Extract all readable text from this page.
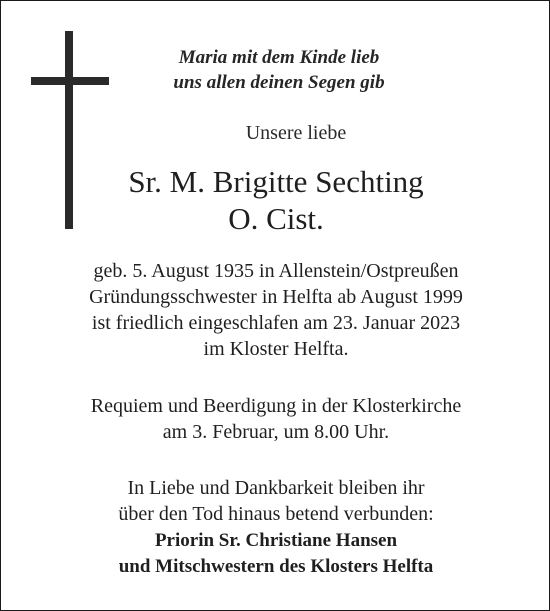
Maria mit dem Kinde lieb
uns allen deinen Segen gib
Unsere liebe
Sr. M. Brigitte Sechting
O. Cist.
geb. 5. August 1935 in Allenstein/Ostpreußen
Gründungsschwester in Helfta ab August 1999
ist friedlich eingeschlafen am 23. Januar 2023
im Kloster Helfta.
Requiem und Beerdigung in der Klosterkirche
am 3. Februar, um 8.00 Uhr.
In Liebe und Dankbarkeit bleiben ihr
über den Tod hinaus betend verbunden:
Priorin Sr. Christiane Hansen
und Mitschwestern des Klosters Helfta
